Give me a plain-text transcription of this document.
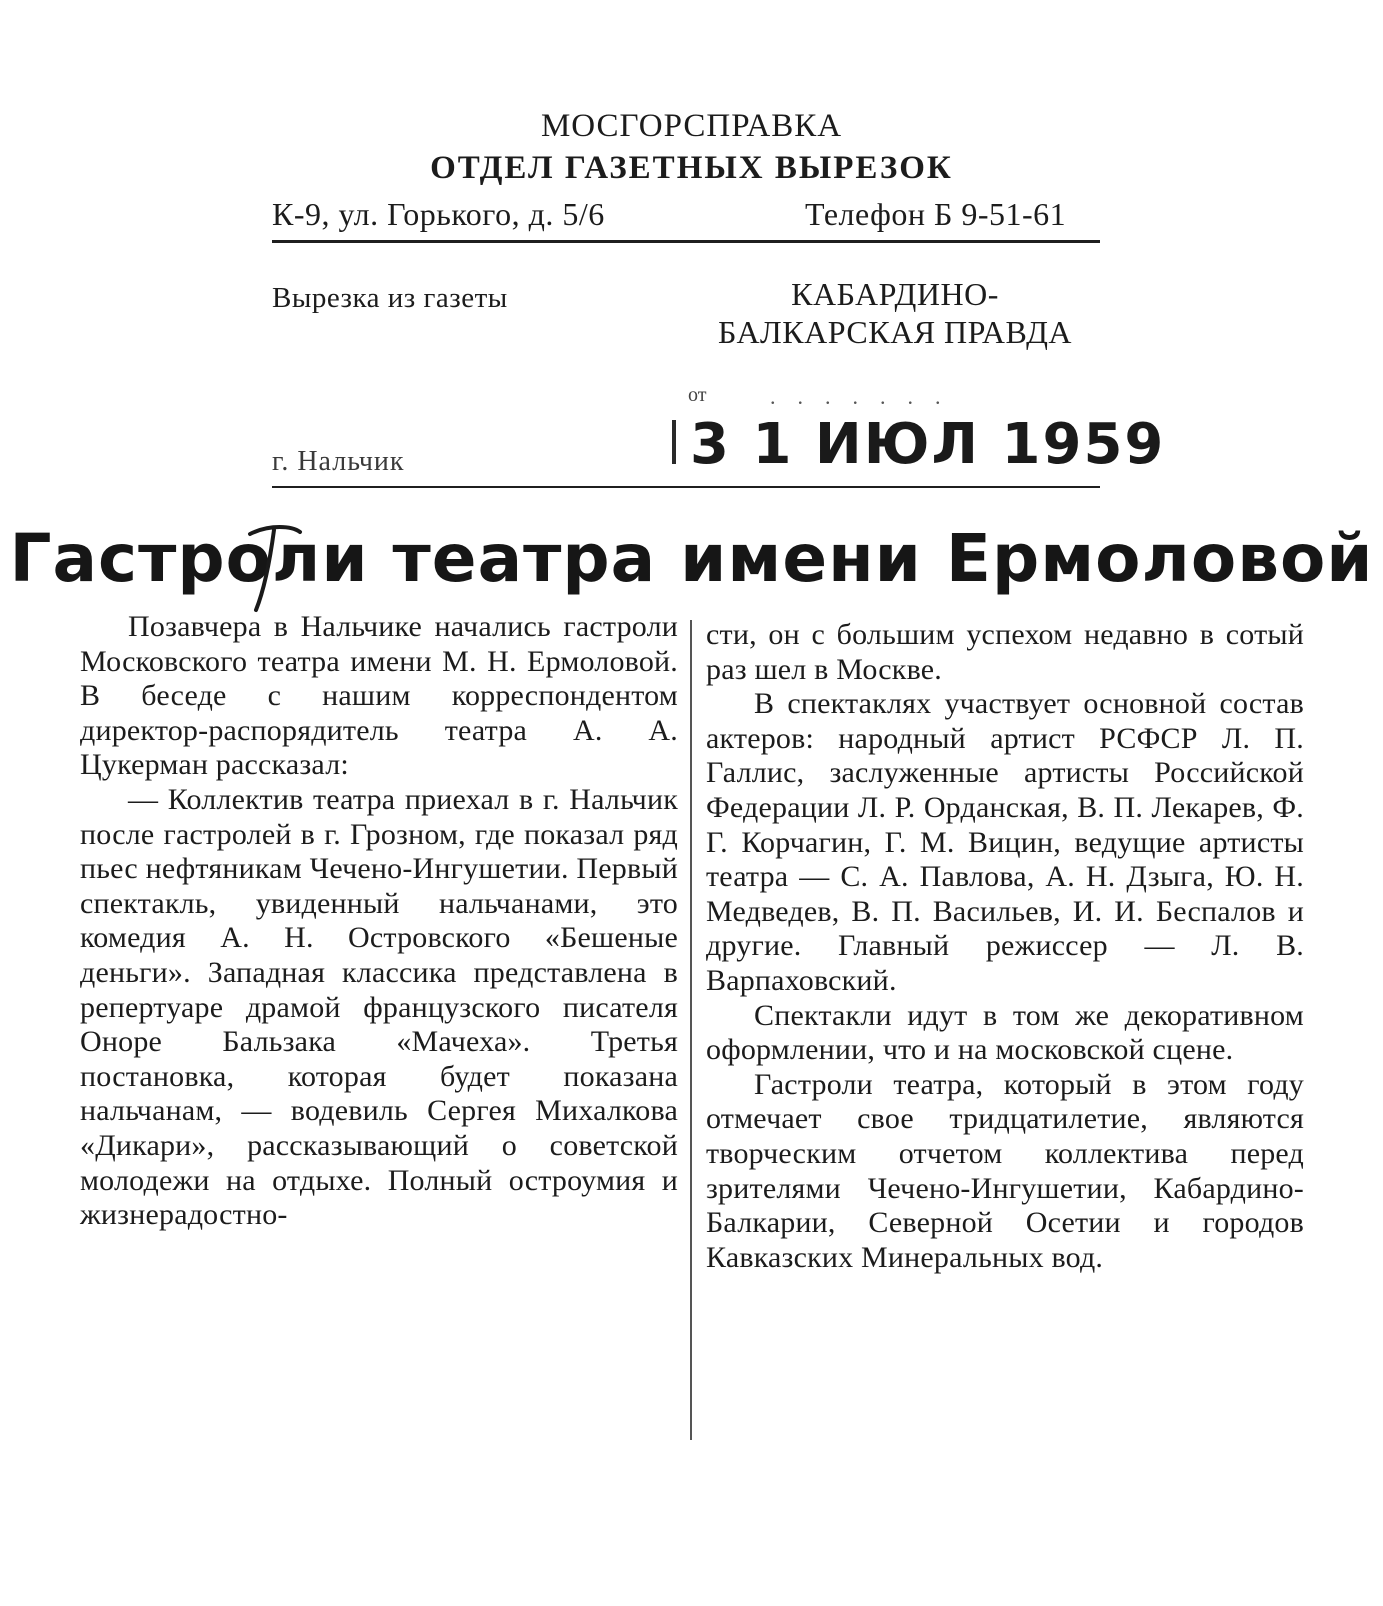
МОСГОРСПРАВКА
ОТДЕЛ ГАЗЕТНЫХ ВЫРЕЗОК
К-9, ул. Горького, д. 5/6	Телефон Б 9-51-61
Вырезка из газеты	КАБАРДИНО-
БАЛКАРСКАЯ ПРАВДА
от	.......
3 1 ИЮЛ 1959
г. Нальчик
Гастроли театра имени Ермоловой

Позавчера в Нальчике начались гастроли Московского театра имени М. Н. Ермоловой. В беседе с нашим корреспондентом директор-распорядитель театра А. А. Цукерман рассказал:

— Коллектив театра приехал в г. Нальчик после гастролей в г. Грозном, где показал ряд пьес нефтяникам Чечено-Ингушетии. Первый спектакль, увиденный нальчанами, это комедия А. Н. Островского «Бешеные деньги». Западная классика представлена в репертуаре драмой французского писателя Оноре Бальзака «Мачеха». Третья постановка, которая будет показана нальчанам, — водевиль Сергея Михалкова «Дикари», рассказывающий о советской молодежи на отдыхе. Полный остроумия и жизнерадостно-

сти, он с большим успехом недавно в сотый раз шел в Москве.

В спектаклях участвует основной состав актеров: народный артист РСФСР Л. П. Галлис, заслуженные артисты Российской Федерации Л. Р. Орданская, В. П. Лекарев, Ф. Г. Корчагин, Г. М. Вицин, ведущие артисты театра — С. А. Павлова, А. Н. Дзыга, Ю. Н. Медведев, В. П. Васильев, И. И. Беспалов и другие. Главный режиссер — Л. В. Варпаховский.

Спектакли идут в том же декоративном оформлении, что и на московской сцене.

Гастроли театра, который в этом году отмечает свое тридцатилетие, являются творческим отчетом коллектива перед зрителями Чечено-Ингушетии, Кабардино-Балкарии, Северной Осетии и городов Кавказских Минеральных вод.
